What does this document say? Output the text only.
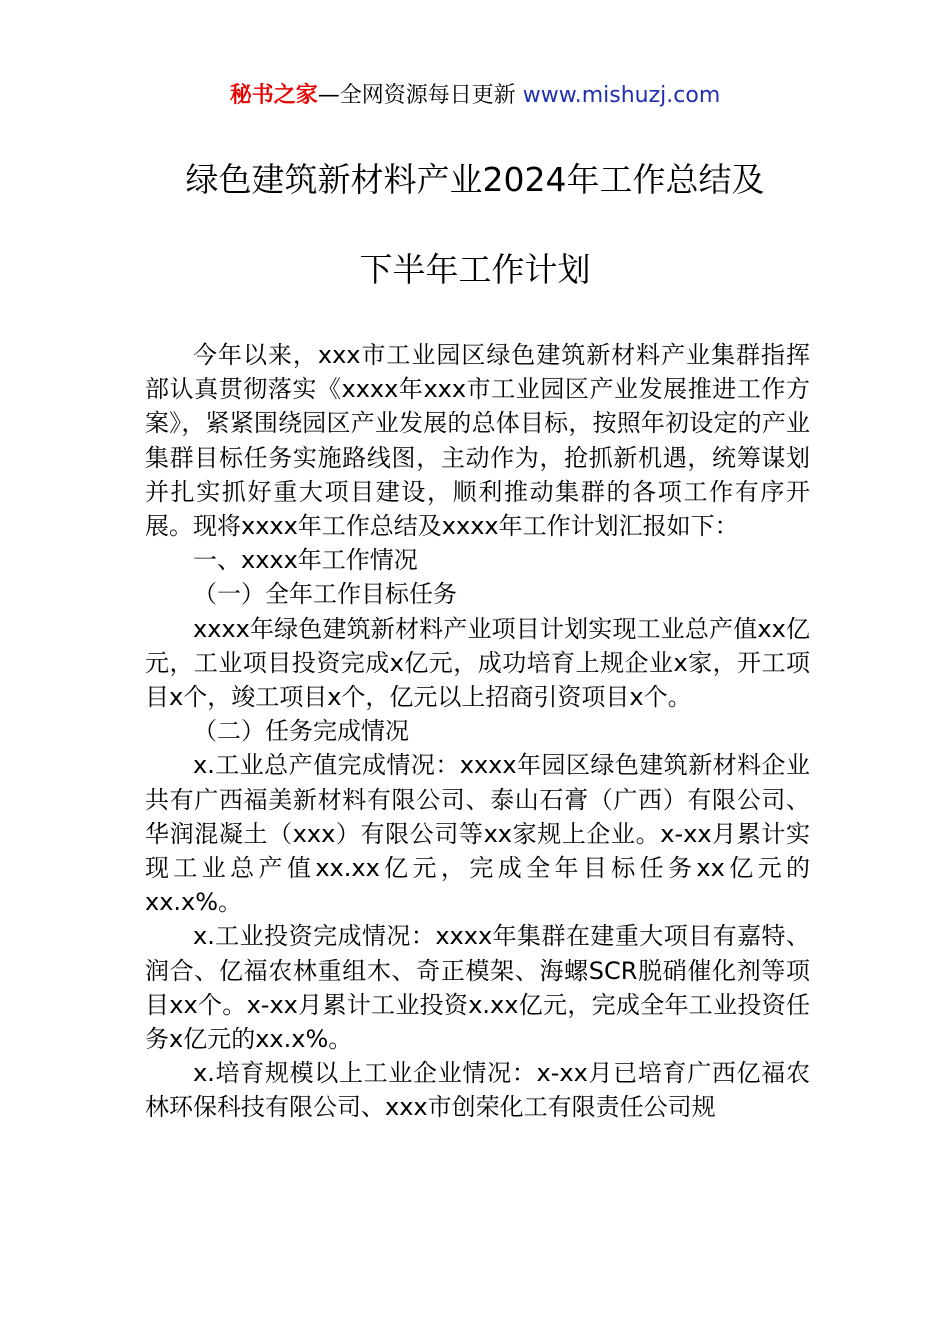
秘书之家—全网资源每日更新 www.mishuzj.com
绿色建筑新材料产业2024年工作总结及
下半年工作计划

今年以来，xxx市工业园区绿色建筑新材料产业集群指挥部认真贯彻落实《xxxx年xxx市工业园区产业发展推进工作方案》，紧紧围绕园区产业发展的总体目标，按照年初设定的产业集群目标任务实施路线图，主动作为，抢抓新机遇，统筹谋划并扎实抓好重大项目建设，顺利推动集群的各项工作有序开展。现将xxxx年工作总结及xxxx年工作计划汇报如下：

一、xxxx年工作情况

（一）全年工作目标任务

xxxx年绿色建筑新材料产业项目计划实现工业总产值xx亿元，工业项目投资完成x亿元，成功培育上规企业x家，开工项目x个，竣工项目x个，亿元以上招商引资项目x个。

（二）任务完成情况

x.工业总产值完成情况：xxxx年园区绿色建筑新材料企业共有广西福美新材料有限公司、泰山石膏（广西）有限公司、华润混凝土（xxx）有限公司等xx家规上企业。x-xx月累计实现工业总产值xx.xx亿元，完成全年目标任务xx亿元的xx.x%。

x.工业投资完成情况：xxxx年集群在建重大项目有嘉特、润合、亿福农林重组木、奇正模架、海螺SCR脱硝催化剂等项目xx个。x-xx月累计工业投资x.xx亿元，完成全年工业投资任务x亿元的xx.x%。

x.培育规模以上工业企业情况：x-xx月已培育广西亿福农林环保科技有限公司、xxx市创荣化工有限责任公司规
